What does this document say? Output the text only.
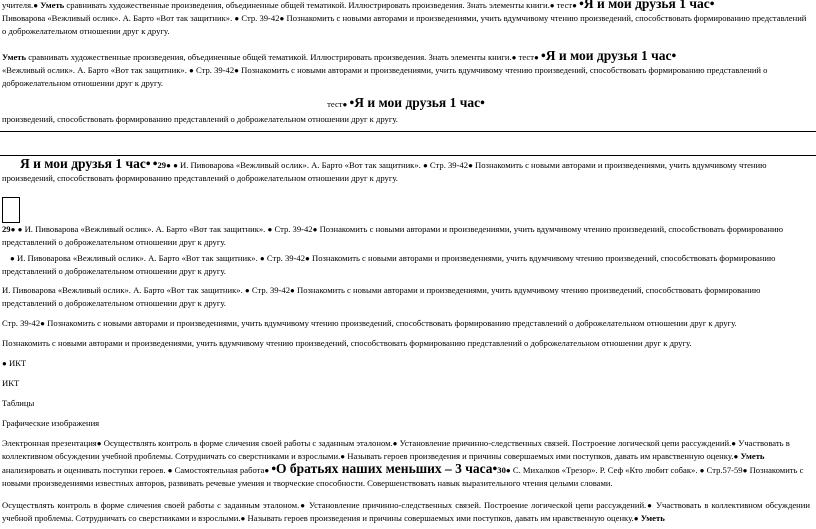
учителя.● Уметь сравнивать художественные произведения, объединенные общей тематикой. Иллюстрировать произведения. Знать элементы книги.● тест● •Я и мои друзья 1 час•
Пивоварова «Вежливый ослик». А. Барто «Вот так защитник». ● Стр. 39-42● Познакомить с новыми авторами и произведениями, учить вдумчивому чтению произведений, способствовать формированию представлений о доброжелательном отношении друг к другу.
Уметь сравнивать художественные произведения, объединенные общей тематикой. Иллюстрировать произведения. Знать элементы книги.● тест● •Я и мои друзья 1 час•
«Вежливый ослик». А. Барто «Вот так защитник». ● Стр. 39-42● Познакомить с новыми авторами и произведениями, учить вдумчивому чтению произведений, способствовать формированию представлений о доброжелательном отношении друг к другу.
тест● •Я и мои друзья 1 час•
произведений, способствовать формированию представлений о доброжелательном отношении друг к другу.
Я и мои друзья 1 час• •29● ● И. Пивоварова «Вежливый ослик». А. Барто «Вот так защитник». ● Стр. 39-42● Познакомить с новыми авторами и произведениями, учить вдумчивому чтению произведений, способствовать формированию представлений о доброжелательном отношении друг к другу.
29● ● И. Пивоварова «Вежливый ослик». А. Барто «Вот так защитник». ● Стр. 39-42● Познакомить с новыми авторами и произведениями, учить вдумчивому чтению произведений, способствовать формированию представлений о доброжелательном отношении друг к другу.
● И. Пивоварова «Вежливый ослик». А. Барто «Вот так защитник». ● Стр. 39-42● Познакомить с новыми авторами и произведениями, учить вдумчивому чтению произведений, способствовать формированию представлений о доброжелательном отношении друг к другу.
И. Пивоварова «Вежливый ослик». А. Барто «Вот так защитник». ● Стр. 39-42● Познакомить с новыми авторами и произведениями, учить вдумчивому чтению произведений, способствовать формированию представлений о доброжелательном отношении друг к другу.
Стр. 39-42● Познакомить с новыми авторами и произведениями, учить вдумчивому чтению произведений, способствовать формированию представлений о доброжелательном отношении друг к другу.
Познакомить с новыми авторами и произведениями, учить вдумчивому чтению произведений, способствовать формированию представлений о доброжелательном отношении друг к другу.
● ИКТ
ИКТ
Таблицы
Графические изображения
Электронная презентация● Осуществлять контроль в форме сличения своей работы с заданным эталоном.● Установление причинно-следственных связей. Построение логической цепи рассуждений.● Участвовать в коллективном обсуждении учебной проблемы. Сотрудничать со сверстниками и взрослыми.● Называть героев произведения и причины совершаемых ими поступков, давать им нравственную оценку.● Уметь анализировать и оценивать поступки героев. ● Самостоятельная работа● •О братьях наших меньших – 3 часа•30● С. Михалков «Трезор». Р. Сеф «Кто любит собак». ● Стр.57-59● Познакомить с новыми произведениями известных авторов, развивать речевые умения и творческие способности. Совершенствовать навык выразительного чтения целыми словами.
Осуществлять контроль в форме сличения своей работы с заданным эталоном.● Установление причинно-следственных связей. Построение логической цепи рассуждений.● Участвовать в коллективном обсуждении учебной проблемы. Сотрудничать со сверстниками и взрослыми.● Называть героев произведения и причины совершаемых ими поступков, давать им нравственную оценку.● Уметь
